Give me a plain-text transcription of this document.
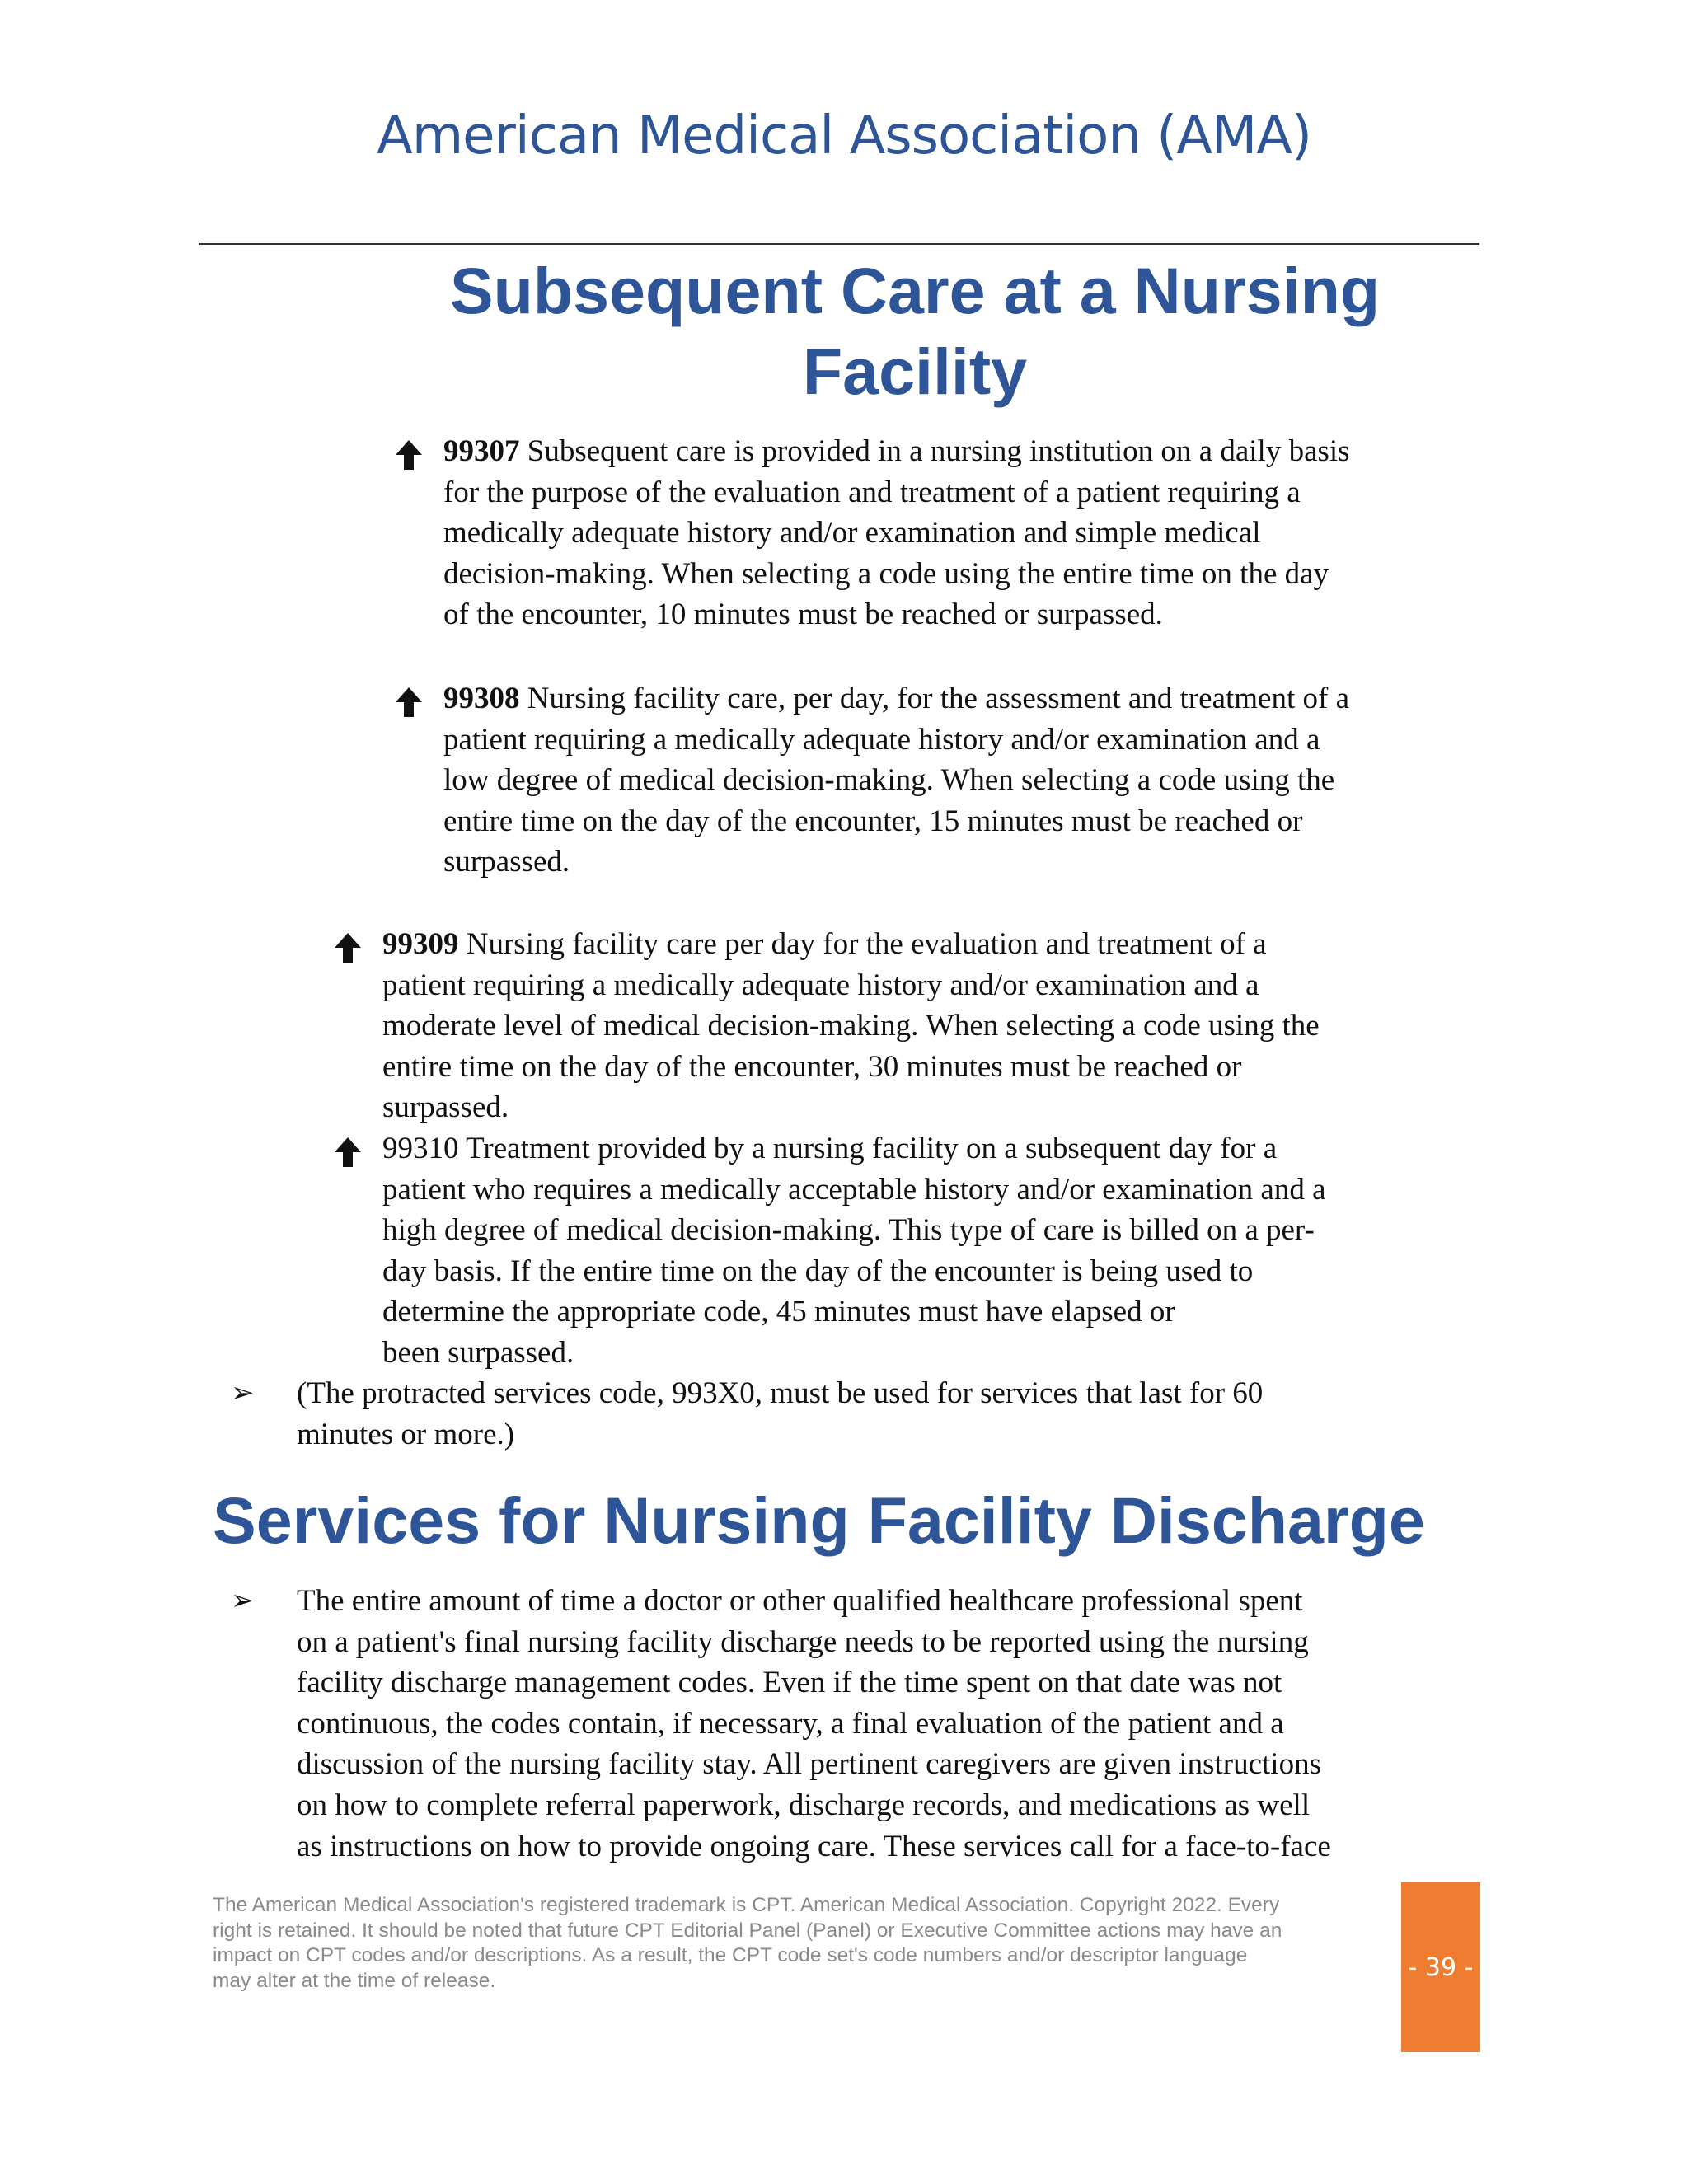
American Medical Association (AMA)
Subsequent Care at a Nursing
Facility
99307 Subsequent care is provided in a nursing institution on a daily basis
for the purpose of the evaluation and treatment of a patient requiring a
medically adequate history and/or examination and simple medical
decision-making. When selecting a code using the entire time on the day
of the encounter, 10 minutes must be reached or surpassed.
99308 Nursing facility care, per day, for the assessment and treatment of a
patient requiring a medically adequate history and/or examination and a
low degree of medical decision-making. When selecting a code using the
entire time on the day of the encounter, 15 minutes must be reached or
surpassed.
99309 Nursing facility care per day for the evaluation and treatment of a
patient requiring a medically adequate history and/or examination and a
moderate level of medical decision-making. When selecting a code using the
entire time on the day of the encounter, 30 minutes must be reached or
surpassed.
99310 Treatment provided by a nursing facility on a subsequent day for a
patient who requires a medically acceptable history and/or examination and a
high degree of medical decision-making. This type of care is billed on a per-
day basis. If the entire time on the day of the encounter is being used to
determine the appropriate code, 45 minutes must have elapsed or
been surpassed.
➢ (The protracted services code, 993X0, must be used for services that last for 60
minutes or more.)
Services for Nursing Facility Discharge
➢ The entire amount of time a doctor or other qualified healthcare professional spent
on a patient's final nursing facility discharge needs to be reported using the nursing
facility discharge management codes. Even if the time spent on that date was not
continuous, the codes contain, if necessary, a final evaluation of the patient and a
discussion of the nursing facility stay. All pertinent caregivers are given instructions
on how to complete referral paperwork, discharge records, and medications as well
as instructions on how to provide ongoing care. These services call for a face-to-face
The American Medical Association's registered trademark is CPT. American Medical Association. Copyright 2022. Every
right is retained. It should be noted that future CPT Editorial Panel (Panel) or Executive Committee actions may have an
impact on CPT codes and/or descriptions. As a result, the CPT code set's code numbers and/or descriptor language
may alter at the time of release.	- 39 -
